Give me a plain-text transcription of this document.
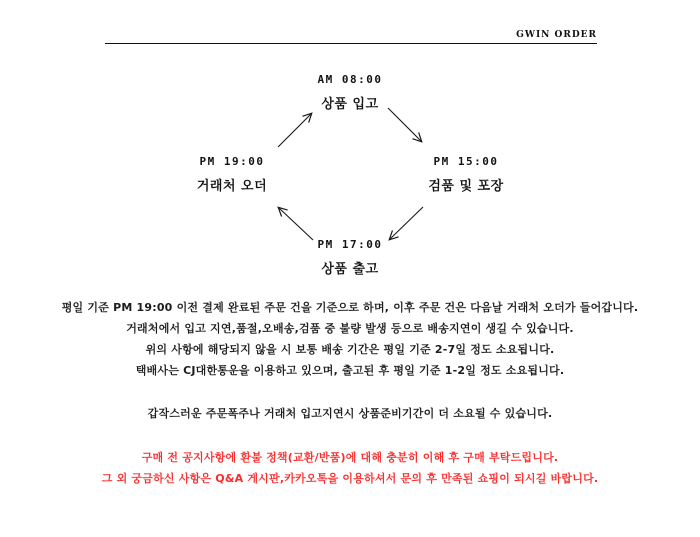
GWIN ORDER
AM 08:00
상품 입고
PM 15:00
검품 및 포장
PM 17:00
상품 출고
PM 19:00
거래처 오더

평일 기준 PM 19:00 이전 결제 완료된 주문 건을 기준으로 하며, 이후 주문 건은 다음날 거래처 오더가 들어갑니다.

거래처에서 입고 지연,품절,오배송,검품 중 불량 발생 등으로 배송지연이 생길 수 있습니다.

위의 사항에 해당되지 않을 시 보통 배송 기간은 평일 기준 2-7일 정도 소요됩니다.

택배사는 CJ대한통운을 이용하고 있으며, 출고된 후 평일 기준 1-2일 정도 소요됩니다.

갑작스러운 주문폭주나 거래처 입고지연시 상품준비기간이 더 소요될 수 있습니다.

구매 전 공지사항에 환불 정책(교환/반품)에 대해 충분히 이해 후 구매 부탁드립니다.

그 외 궁금하신 사항은 Q&A 게시판,카카오톡을 이용하셔서 문의 후 만족된 쇼핑이 되시길 바랍니다.
